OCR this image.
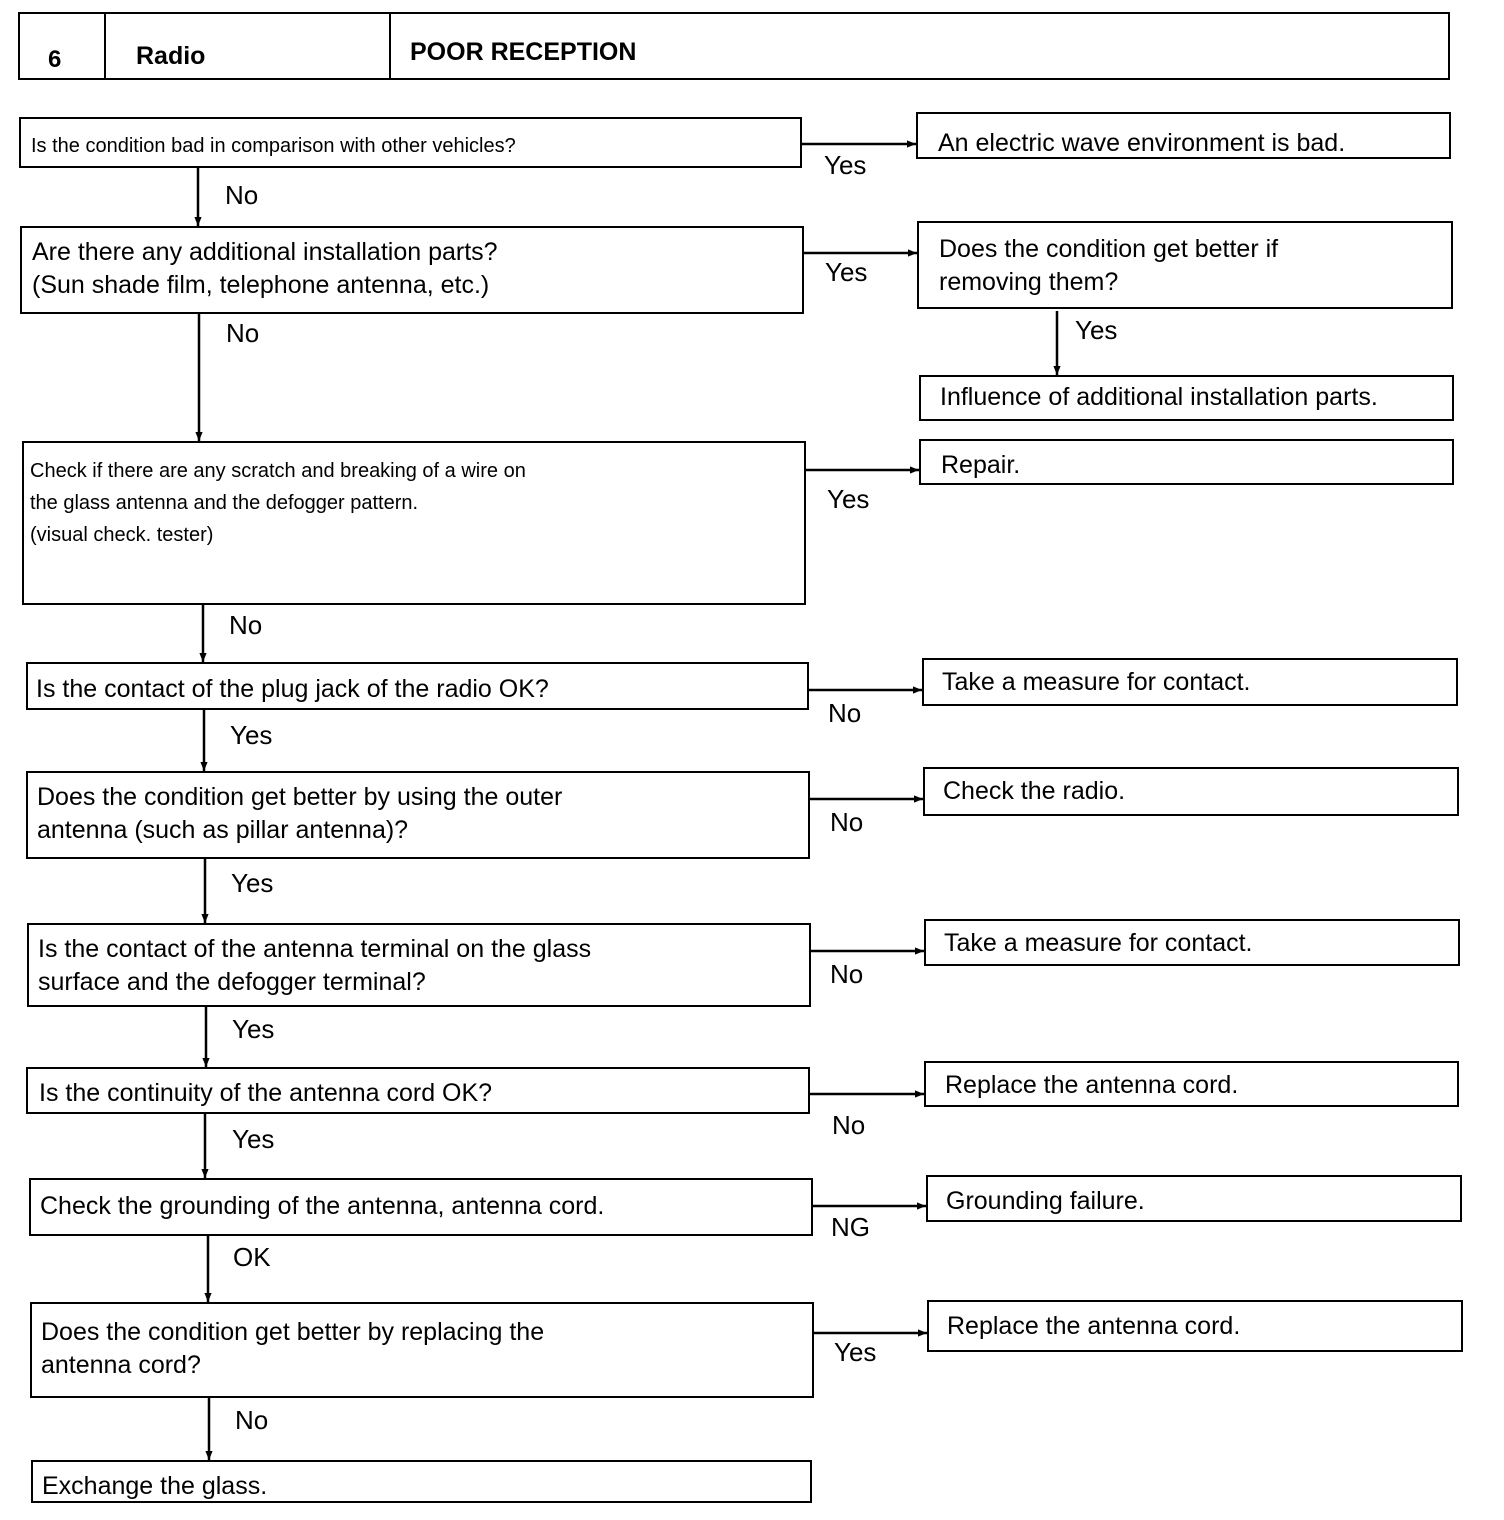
6	Radio	POOR RECEPTION
Is the condition bad in comparison with other vehicles?
Are there any additional installation parts?
(Sun shade film, telephone antenna, etc.)
Check if there are any scratch and breaking of a wire on
the glass antenna and the defogger pattern.
(visual check. tester)
Is the contact of the plug jack of the radio OK?
Does the condition get better by using the outer
antenna (such as pillar antenna)?
Is the contact of the antenna terminal on the glass
surface and the defogger terminal?
Is the continuity of the antenna cord OK?
Check the grounding of the antenna, antenna cord.
Does the condition get better by replacing the
antenna cord?
Exchange the glass.
An electric wave environment is bad.
Does the condition get better if
removing them?
Influence of additional installation parts.
Repair.
Take a measure for contact.
Check the radio.
Take a measure for contact.
Replace the antenna cord.
Grounding failure.
Replace the antenna cord.
Yes
Yes
Yes
No
No
No
No
NG
Yes
No
No
No
Yes
Yes
Yes
Yes
OK
No
Yes
